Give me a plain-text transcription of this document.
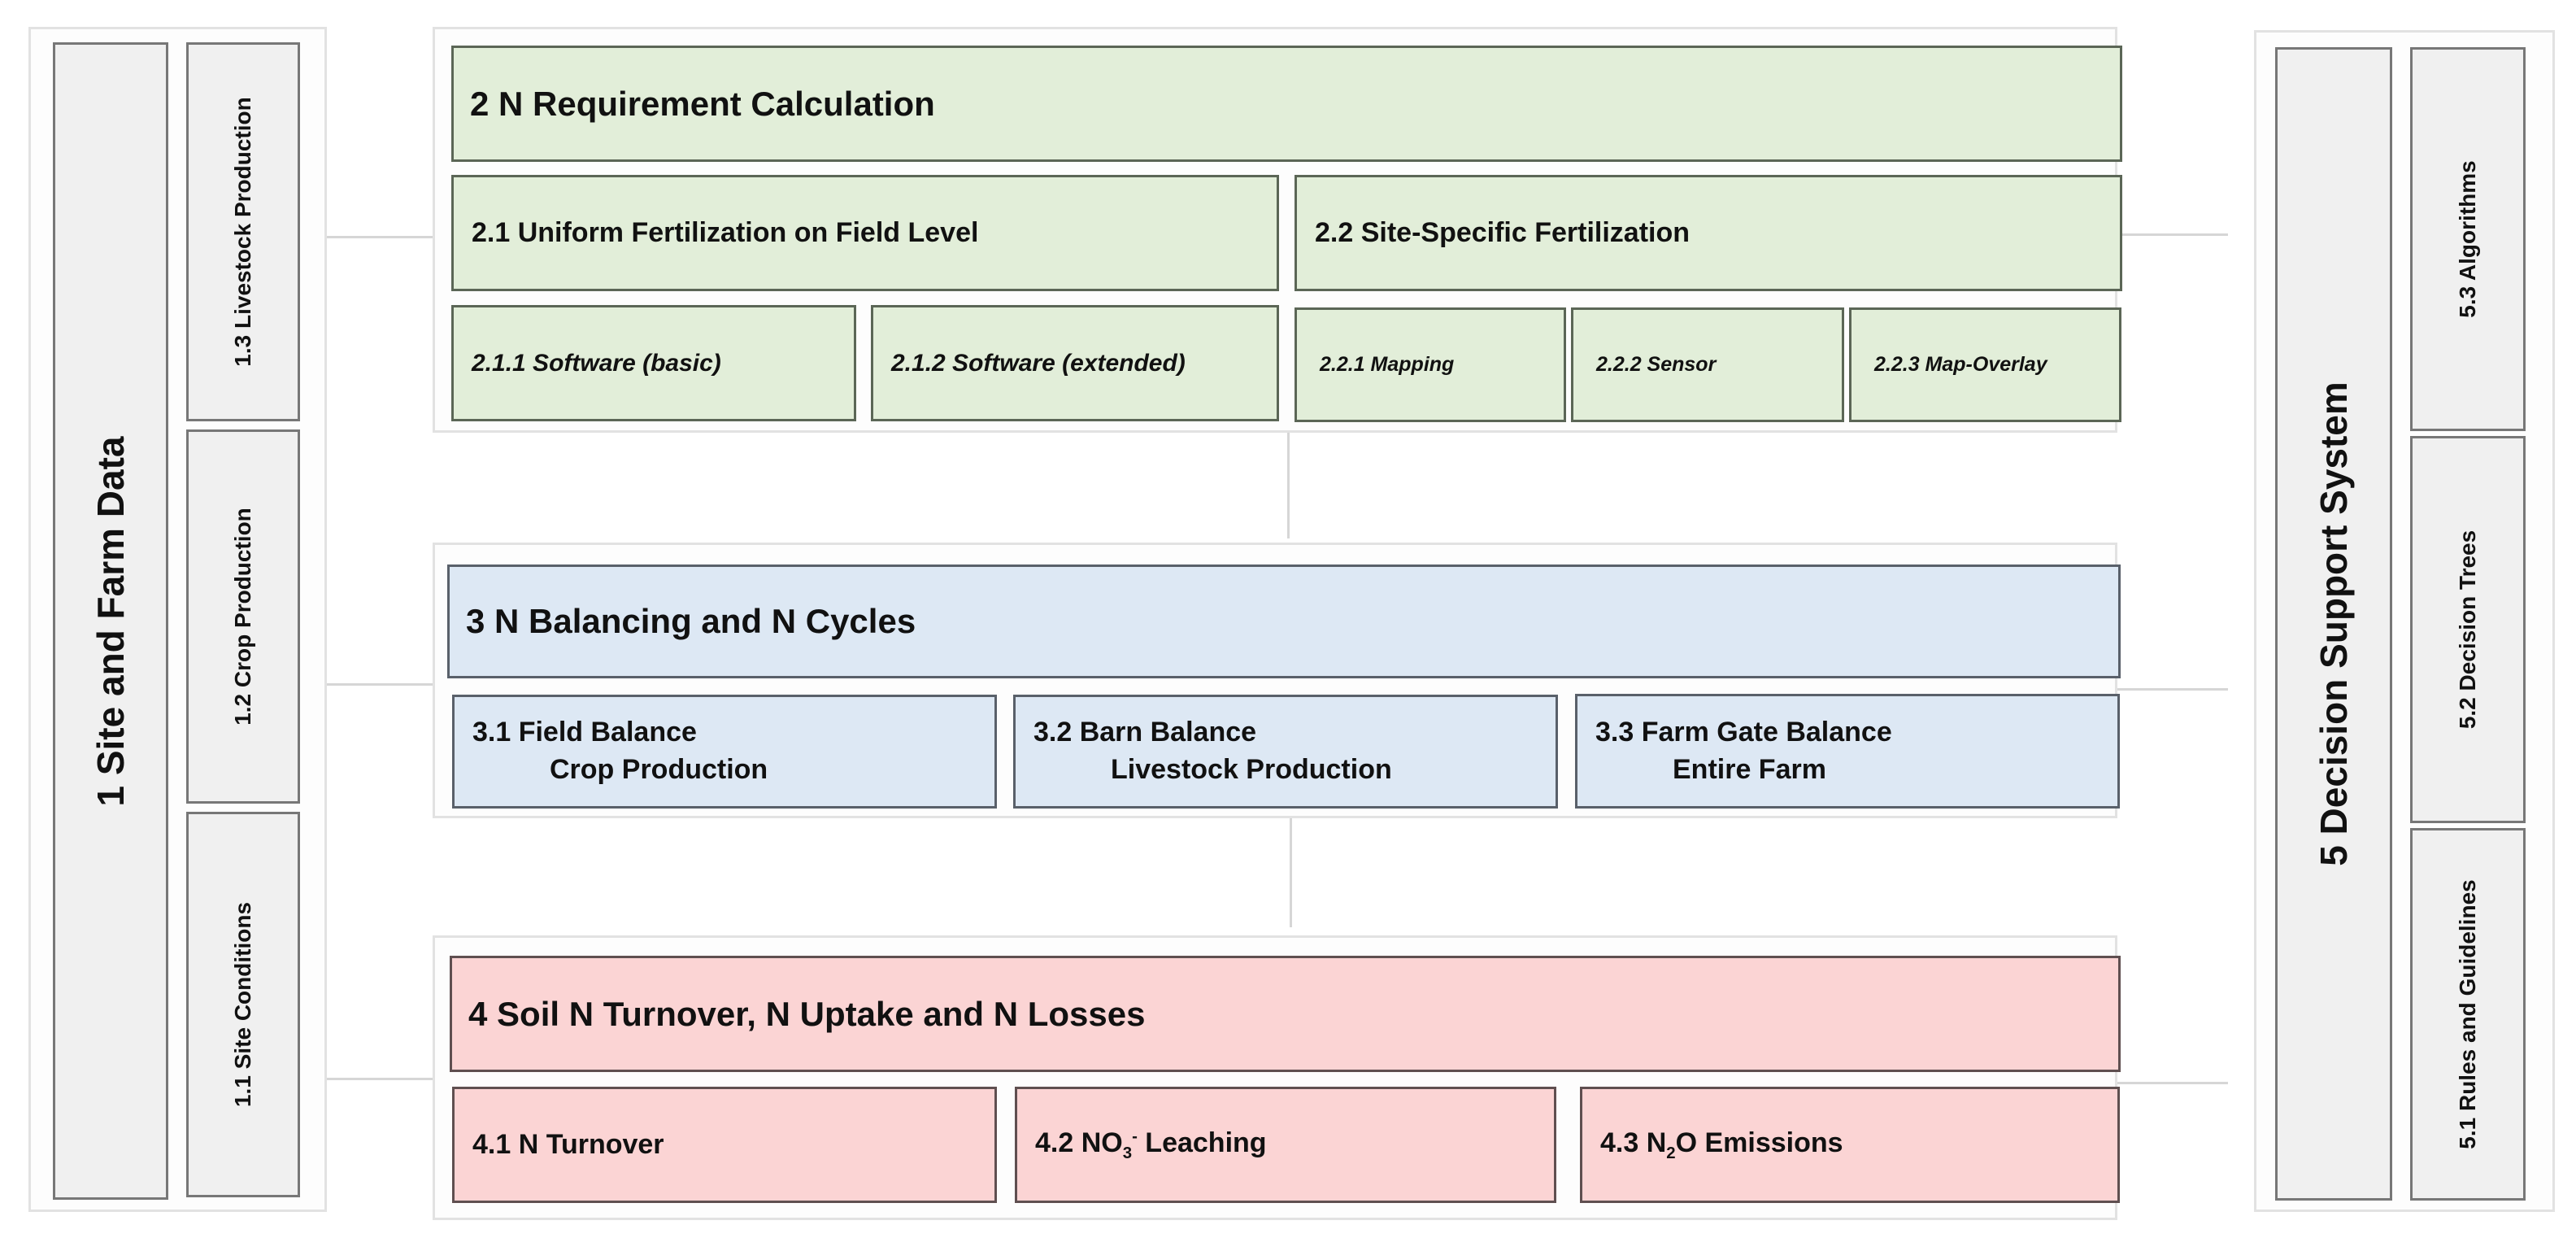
1 Site and Farm Data
1.3 Livestock Production
1.2 Crop Production
1.1 Site Conditions
2 N Requirement Calculation
2.1 Uniform Fertilization on Field Level	2.2 Site-Specific Fertilization
2.1.1 Software (basic)	2.1.2 Software (extended)	2.2.1 Mapping	2.2.2 Sensor	2.2.3 Map-Overlay
3 N Balancing and N Cycles
3.1 Field Balance
Crop Production
3.2 Barn Balance
Livestock Production
3.3 Farm Gate Balance
Entire Farm
4 Soil N Turnover, N Uptake and N Losses
4.1 N Turnover	4.2 $NO_3^-$ Leaching	4.3 $N_2O$ Emissions
5 Decision Support System
5.3 Algorithms
5.2 Decision Trees
5.1 Rules and Guidelines
